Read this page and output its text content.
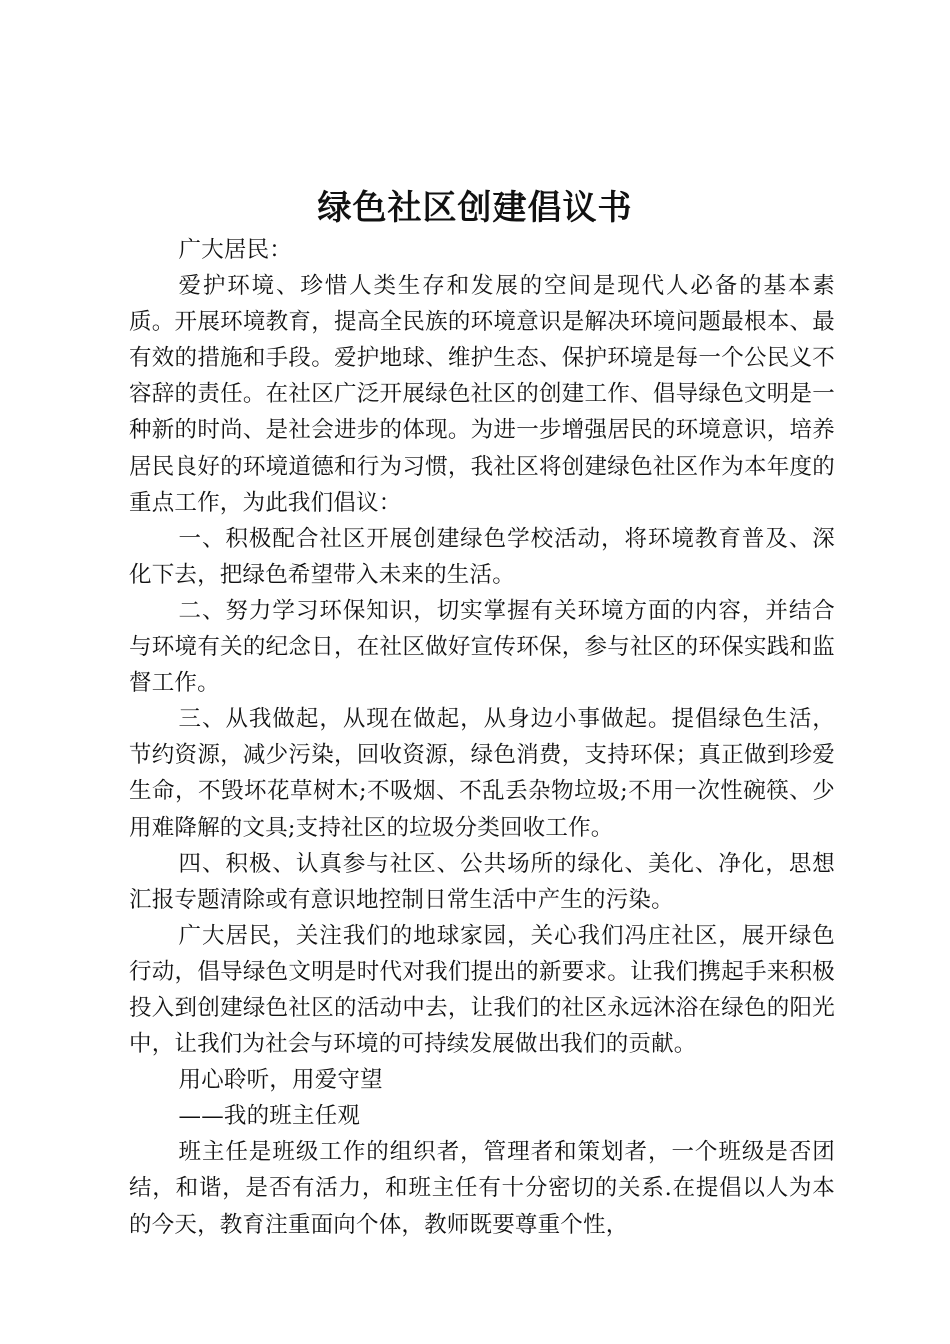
绿色社区创建倡议书

广大居民：

爱护环境、珍惜人类生存和发展的空间是现代人必备的基本素质。开展环境教育，提高全民族的环境意识是解决环境问题最根本、最有效的措施和手段。爱护地球、维护生态、保护环境是每一个公民义不容辞的责任。在社区广泛开展绿色社区的创建工作、倡导绿色文明是一种新的时尚、是社会进步的体现。为进一步增强居民的环境意识，培养居民良好的环境道德和行为习惯，我社区将创建绿色社区作为本年度的重点工作，为此我们倡议：

一、积极配合社区开展创建绿色学校活动，将环境教育普及、深化下去，把绿色希望带入未来的生活。

二、努力学习环保知识，切实掌握有关环境方面的内容，并结合与环境有关的纪念日，在社区做好宣传环保，参与社区的环保实践和监督工作。

三、从我做起，从现在做起，从身边小事做起。提倡绿色生活，节约资源，减少污染，回收资源，绿色消费，支持环保；真正做到珍爱生命，不毁坏花草树木;不吸烟、不乱丢杂物垃圾;不用一次性碗筷、少用难降解的文具;支持社区的垃圾分类回收工作。

四、积极、认真参与社区、公共场所的绿化、美化、净化，思想汇报专题清除或有意识地控制日常生活中产生的污染。

广大居民，关注我们的地球家园，关心我们冯庄社区，展开绿色行动，倡导绿色文明是时代对我们提出的新要求。让我们携起手来积极投入到创建绿色社区的活动中去，让我们的社区永远沐浴在绿色的阳光中，让我们为社会与环境的可持续发展做出我们的贡献。

用心聆听，用爱守望

——我的班主任观

班主任是班级工作的组织者，管理者和策划者，一个班级是否团结，和谐，是否有活力，和班主任有十分密切的关系.在提倡以人为本的今天，教育注重面向个体，教师既要尊重个性，
